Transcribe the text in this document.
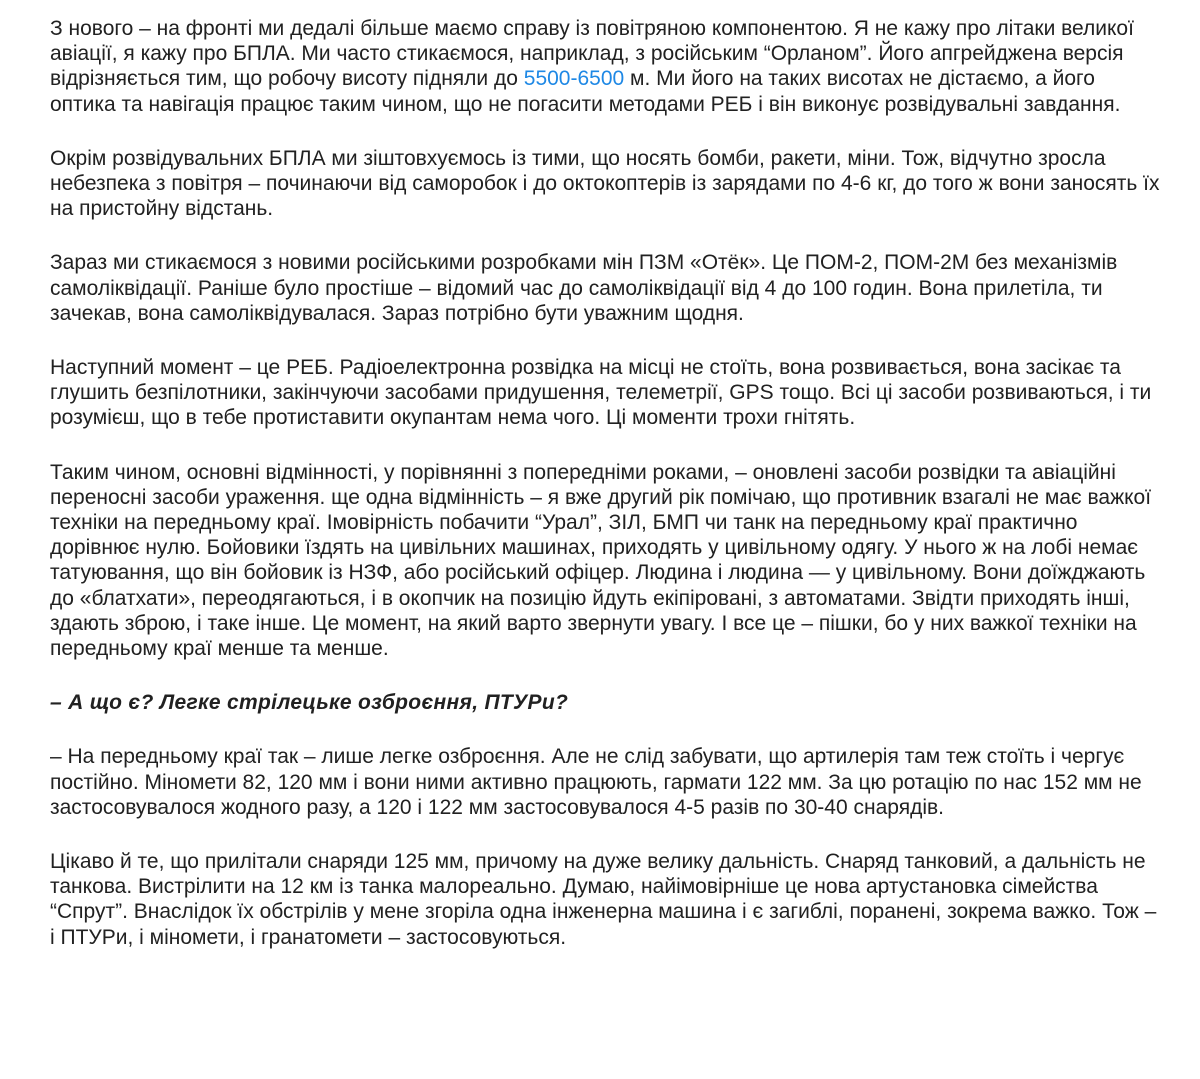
З нового – на фронті ми дедалі більше маємо справу із повітряною компонентою. Я не кажу про літаки великої авіації, я кажу про БПЛА. Ми часто стикаємося, наприклад, з російським “Орланом”. Його апгрейджена версія відрізняється тим, що робочу висоту підняли до 5500-6500 м. Ми його на таких висотах не дістаємо, а його оптика та навігація працює таким чином, що не погасити методами РЕБ і він виконує розвідувальні завдання.

Окрім розвідувальних БПЛА ми зіштовхуємось із тими, що носять бомби, ракети, міни. Тож, відчутно зросла небезпека з повітря – починаючи від саморобок і до октокоптерів із зарядами по 4-6 кг, до того ж вони заносять їх на пристойну відстань.

Зараз ми стикаємося з новими російськими розробками мін ПЗМ «Отёк». Це ПОМ-2, ПОМ-2М без механізмів самоліквідації. Раніше було простіше – відомий час до самоліквідації від 4 до 100 годин. Вона прилетіла, ти зачекав, вона самоліквідувалася. Зараз потрібно бути уважним щодня.

Наступний момент – це РЕБ. Радіоелектронна розвідка на місці не стоїть, вона розвивається, вона засікає та глушить безпілотники, закінчуючи засобами придушення, телеметрії, GPS тощо. Всі ці засоби розвиваються, і ти розумієш, що в тебе протиставити окупантам нема чого. Ці моменти трохи гнітять.

Таким чином, основні відмінності, у порівнянні з попередніми роками, – оновлені засоби розвідки та авіаційні переносні засоби ураження. ще одна відмінність – я вже другий рік помічаю, що противник взагалі не має важкої техніки на передньому краї. Імовірність побачити “Урал”, ЗІЛ, БМП чи танк на передньому краї практично дорівнює нулю. Бойовики їздять на цивільних машинах, приходять у цивільному одягу. У нього ж на лобі немає татуювання, що він бойовик із НЗФ, або російський офіцер. Людина і людина — у цивільному. Вони доїжджають до «блатхати», переодягаються, і в окопчик на позицію йдуть екіпіровані, з автоматами. Звідти приходять інші, здають зброю, і таке інше. Це момент, на який варто звернути увагу. І все це – пішки, бо у них важкої техніки на передньому краї менше та менше.

– А що є? Легке стрілецьке озброєння, ПТУРи?

– На передньому краї так – лише легке озброєння. Але не слід забувати, що артилерія там теж стоїть і чергує постійно. Міномети 82, 120 мм і вони ними активно працюють, гармати 122 мм. За цю ротацію по нас 152 мм не застосовувалося жодного разу, а 120 і 122 мм застосовувалося 4-5 разів по 30-40 снарядів.

Цікаво й те, що прилітали снаряди 125 мм, причому на дуже велику дальність. Снаряд танковий, а дальність не танкова. Вистрілити на 12 км із танка малореально. Думаю, найімовірніше це нова артустановка сімейства “Спрут”. Внаслідок їх обстрілів у мене згоріла одна інженерна машина і є загиблі, поранені, зокрема важко. Тож – і ПТУРи, і міномети, і гранатомети – застосовуються.
